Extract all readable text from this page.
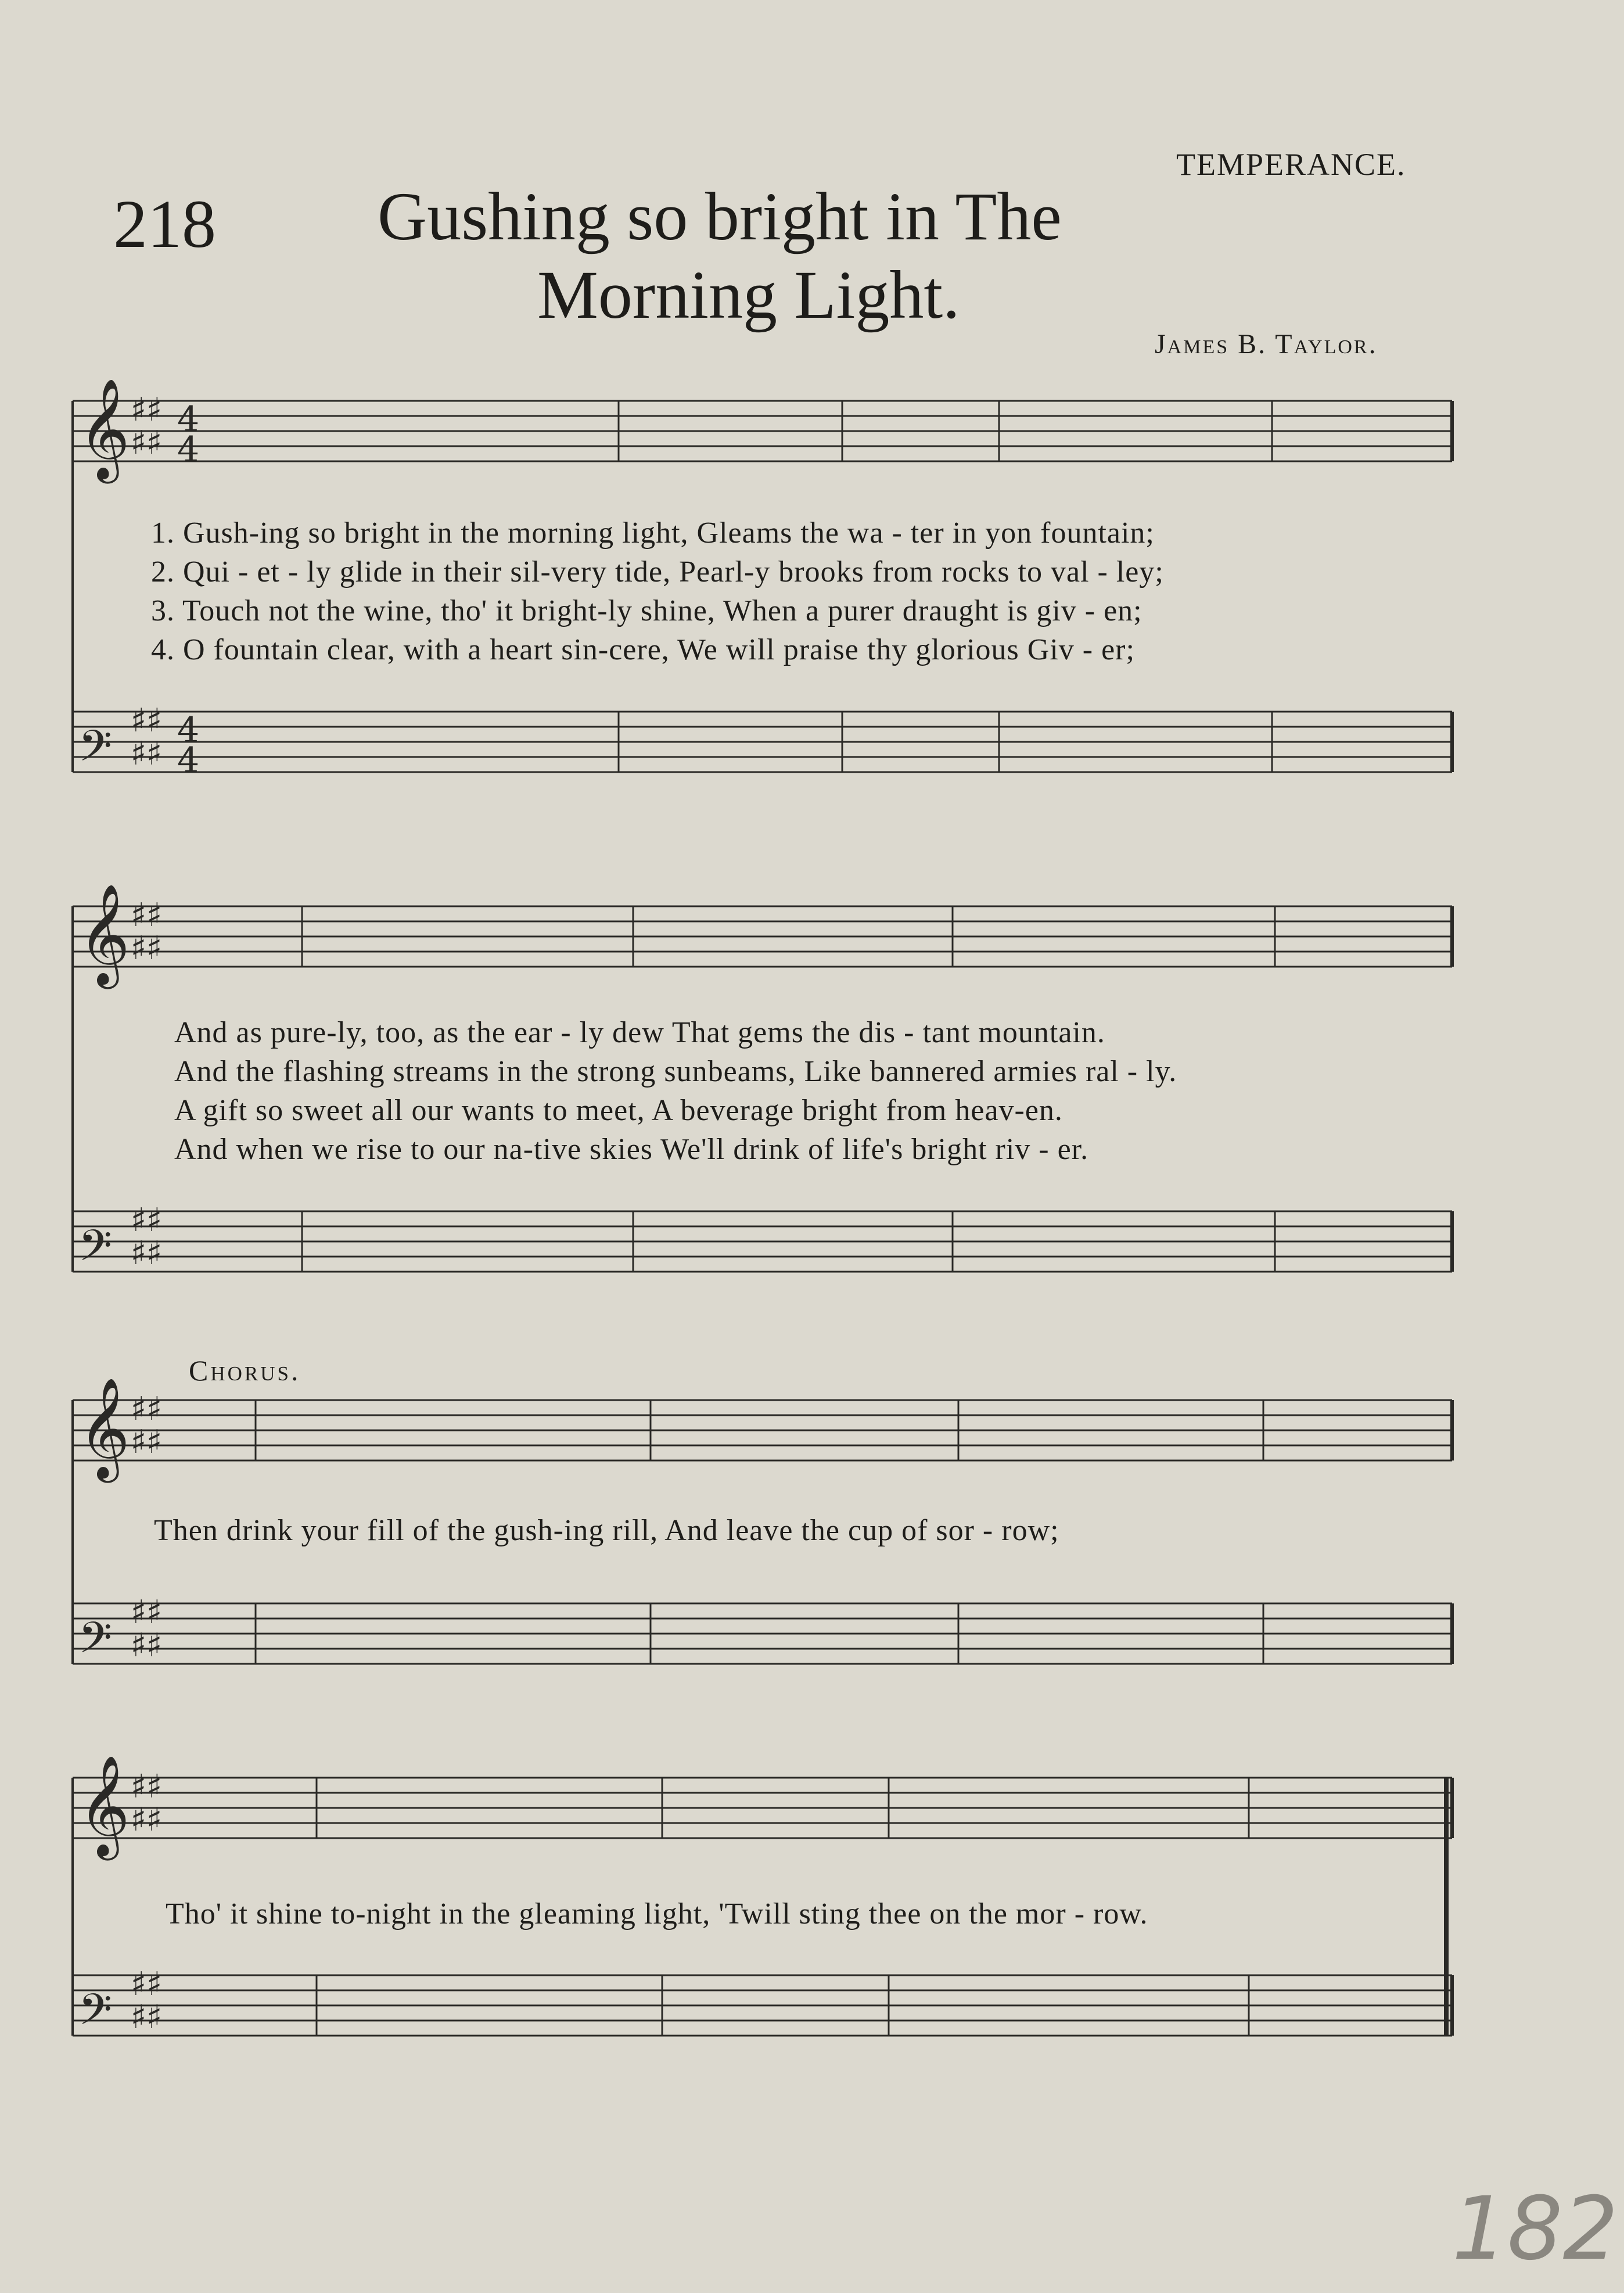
218
TEMPERANCE.
Gushing so bright in The
Morning Light.
James B. Taylor.
𝄞 ♯♯
♯♯
4
4
𝄢
♯♯
♯♯
4
4
𝄞 ♯♯
♯♯
𝄢
♯♯
♯♯
𝄞 ♯♯
♯♯
𝄢
♯♯
♯♯
𝄞 ♯♯
♯♯
𝄢
♯♯
♯♯
1. Gush-ing so bright in the morning light, Gleams the wa - ter in yon fountain;
2. Qui - et - ly glide in their sil-very tide, Pearl-y brooks from rocks to val - ley;
3. Touch not the wine, tho' it bright-ly shine, When a purer draught is giv - en;
4. O fountain clear, with a heart sin-cere, We will praise thy glorious Giv - er;
And as pure-ly, too, as the ear - ly dew That gems the dis - tant mountain.
And the flashing streams in the strong sunbeams, Like bannered armies ral - ly.
A gift so sweet all our wants to meet, A beverage bright from heav-en.
And when we rise to our na-tive skies We'll drink of life's bright riv - er.
Chorus.
Then drink your fill of the gush-ing rill, And leave the cup of sor - row;
Tho' it shine to-night in the gleaming light, 'Twill sting thee on the mor - row.
182
